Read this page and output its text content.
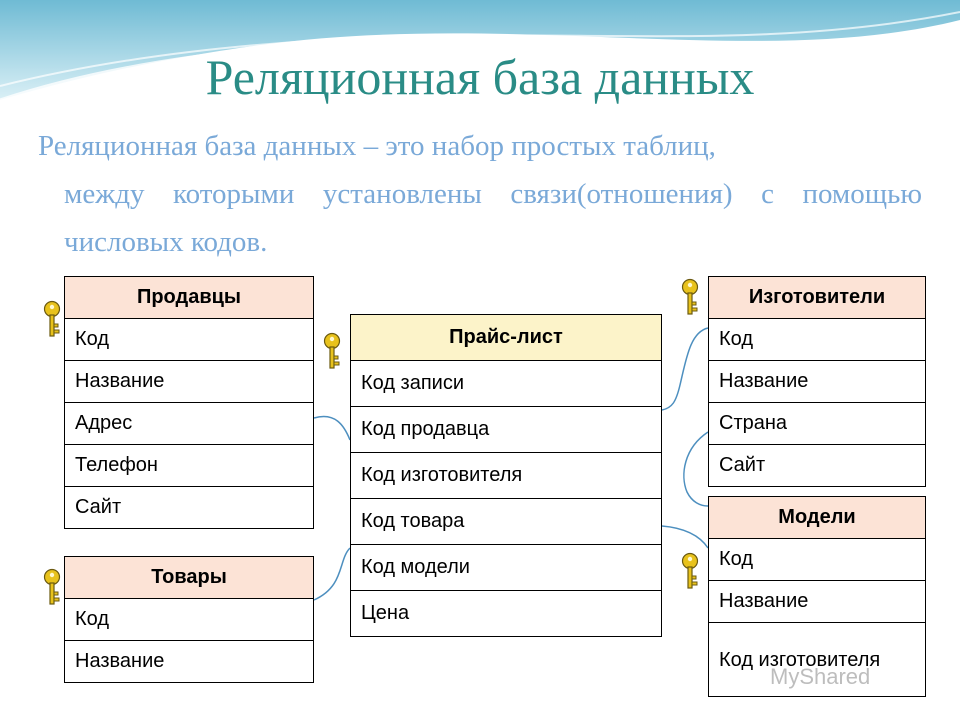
Реляционная база данных
Реляционная база данных – это набор простых таблиц,
между которыми установлены связи(отношения) с помощью числовых кодов.
Продавцы
Код
Название
Адрес
Телефон
Сайт
Товары
Код
Название
Прайс-лист
Код записи
Код продавца
Код изготовителя
Код товара
Код модели
Цена
Изготовители
Код
Название
Страна
Сайт
Модели
Код
Название
Код изготовителя
MyShared
